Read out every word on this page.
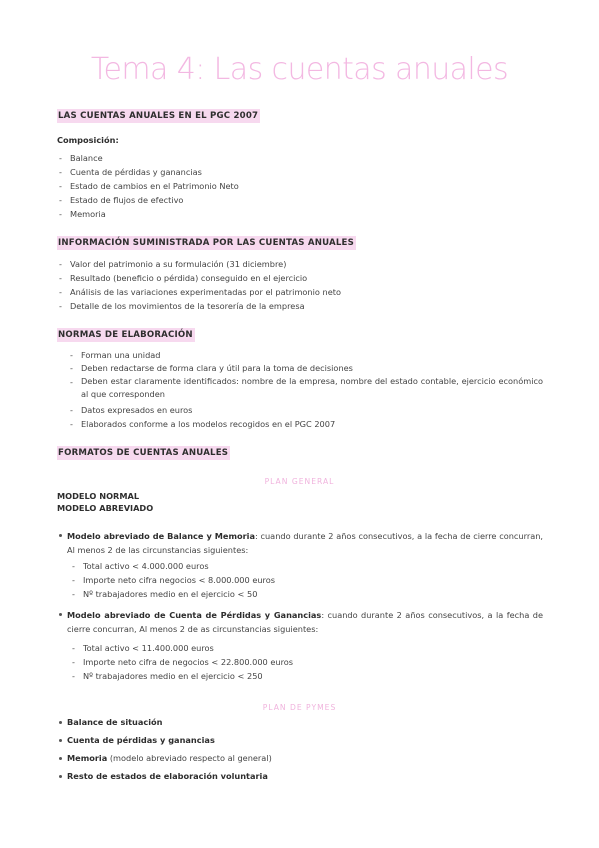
Tema 4: Las cuentas anuales
LAS CUENTAS ANUALES EN EL PGC 2007
Composición:
- Balance
- Cuenta de pérdidas y ganancias
- Estado de cambios en el Patrimonio Neto
- Estado de flujos de efectivo
- Memoria
INFORMACIÓN SUMINISTRADA POR LAS CUENTAS ANUALES
- Valor del patrimonio a su formulación (31 diciembre)
- Resultado (beneficio o pérdida) conseguido en el ejercicio
- Análisis de las variaciones experimentadas por el patrimonio neto
- Detalle de los movimientos de la tesorería de la empresa
NORMAS DE ELABORACIÓN
- Forman una unidad
- Deben redactarse de forma clara y útil para la toma de decisiones
- Deben estar claramente identificados: nombre de la empresa, nombre del estado contable, ejercicio económico al que corresponden
- Datos expresados en euros
- Elaborados conforme a los modelos recogidos en el PGC 2007
FORMATOS DE CUENTAS ANUALES
PLAN GENERAL
MODELO NORMAL
MODELO ABREVIADO
Modelo abreviado de Balance y Memoria: cuando durante 2 años consecutivos, a la fecha de cierre concurran, Al menos 2 de las circunstancias siguientes:
- Total activo < 4.000.000 euros
- Importe neto cifra negocios < 8.000.000 euros
- Nº trabajadores medio en el ejercicio < 50
Modelo abreviado de Cuenta de Pérdidas y Ganancias: cuando durante 2 años consecutivos, a la fecha de cierre concurran, Al menos 2 de as circunstancias siguientes:
- Total activo < 11.400.000 euros
- Importe neto cifra de negocios < 22.800.000 euros
- Nº trabajadores medio en el ejercicio < 250
PLAN DE PYMES
Balance de situación
Cuenta de pérdidas y ganancias
Memoria (modelo abreviado respecto al general)
Resto de estados de elaboración voluntaria
